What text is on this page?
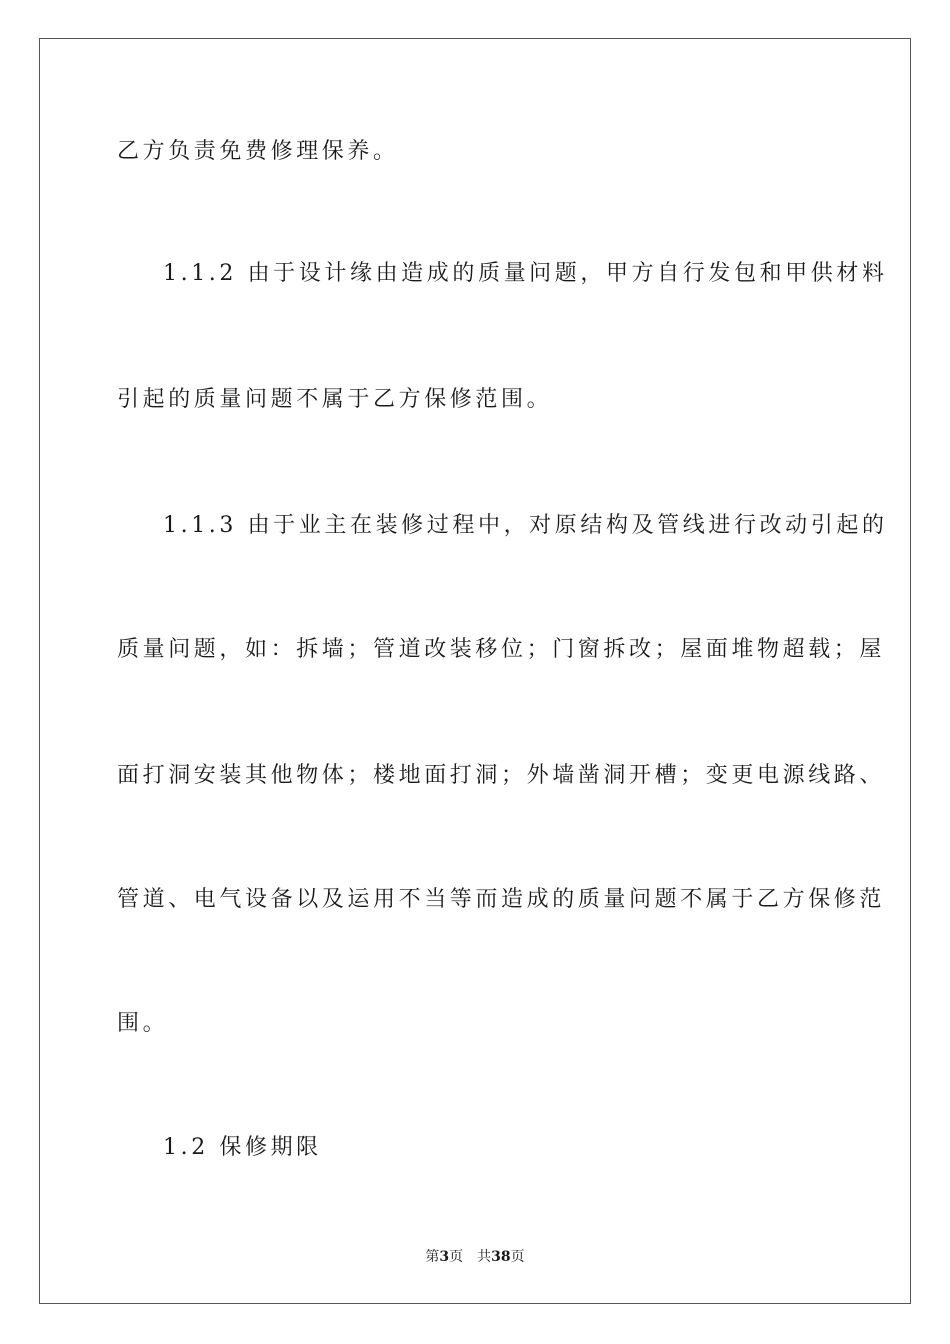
乙方负责免费修理保养。
1.1.2 由于设计缘由造成的质量问题，甲方自行发包和甲供材料
引起的质量问题不属于乙方保修范围。
1.1.3 由于业主在装修过程中，对原结构及管线进行改动引起的
质量问题，如：拆墙；管道改装移位；门窗拆改；屋面堆物超载；屋
面打洞安装其他物体；楼地面打洞；外墙凿洞开槽；变更电源线路、
管道、电气设备以及运用不当等而造成的质量问题不属于乙方保修范
围。
1.2 保修期限
第3页 共38页
